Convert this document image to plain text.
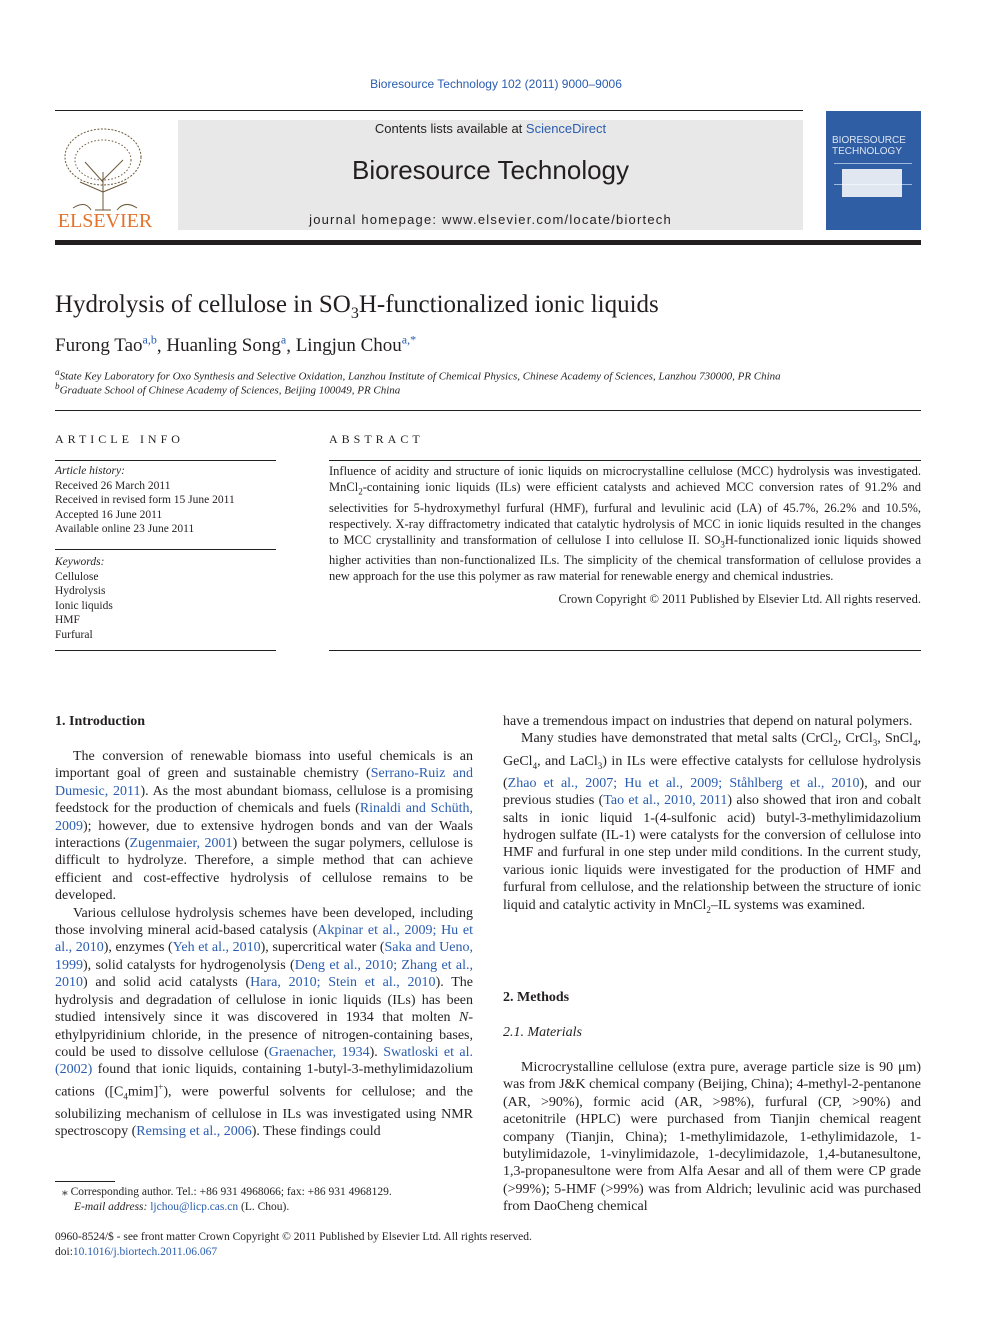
Bioresource Technology 102 (2011) 9000–9006
ELSEVIER
Contents lists available at ScienceDirect
Bioresource Technology
journal homepage: www.elsevier.com/locate/biortech
BIORESOURCE
TECHNOLOGY
Hydrolysis of cellulose in $SO_3H$-functionalized ionic liquids
Furong Tao$^{a,b}$, Huanling Song$^a$, Lingjun Chou$^{a,*}$
$^a$State Key Laboratory for Oxo Synthesis and Selective Oxidation, Lanzhou Institute of Chemical Physics, Chinese Academy of Sciences, Lanzhou 730000, PR China
$^b$Graduate School of Chinese Academy of Sciences, Beijing 100049, PR China
ARTICLE INFO
Article history:
Received 26 March 2011
Received in revised form 15 June 2011
Accepted 16 June 2011
Available online 23 June 2011
Keywords:
Cellulose
Hydrolysis
Ionic liquids
HMF
Furfural
ABSTRACT
Influence of acidity and structure of ionic liquids on microcrystalline cellulose (MCC) hydrolysis was investigated. MnCl$_2$-containing ionic liquids (ILs) were efficient catalysts and achieved MCC conversion rates of 91.2% and selectivities for 5-hydroxymethyl furfural (HMF), furfural and levulinic acid (LA) of 45.7%, 26.2% and 10.5%, respectively. X-ray diffractometry indicated that catalytic hydrolysis of MCC in ionic liquids resulted in the changes to MCC crystallinity and transformation of cellulose I into cellulose II. $SO_3H$-functionalized ionic liquids showed higher activities than non-functionalized ILs. The simplicity of the chemical transformation of cellulose provides a new approach for the use this polymer as raw material for renewable energy and chemical industries.
Crown Copyright © 2011 Published by Elsevier Ltd. All rights reserved.
1. Introduction

The conversion of renewable biomass into useful chemicals is an important goal of green and sustainable chemistry (Serrano-Ruiz and Dumesic, 2011). As the most abundant biomass, cellulose is a promising feedstock for the production of chemicals and fuels (Rinaldi and Schüth, 2009); however, due to extensive hydrogen bonds and van der Waals interactions (Zugenmaier, 2001) between the sugar polymers, cellulose is difficult to hydrolyze. Therefore, a simple method that can achieve efficient and cost-effective hydrolysis of cellulose remains to be developed.

Various cellulose hydrolysis schemes have been developed, including those involving mineral acid-based catalysis (Akpinar et al., 2009; Hu et al., 2010), enzymes (Yeh et al., 2010), supercritical water (Saka and Ueno, 1999), solid catalysts for hydrogenolysis (Deng et al., 2010; Zhang et al., 2010) and solid acid catalysts (Hara, 2010; Stein et al., 2010). The hydrolysis and degradation of cellulose in ionic liquids (ILs) has been studied intensively since it was discovered in 1934 that molten N-ethylpyridinium chloride, in the presence of nitrogen-containing bases, could be used to dissolve cellulose (Graenacher, 1934). Swatloski et al. (2002) found that ionic liquids, containing 1-butyl-3-methylimidazolium cations $([C_4mim]^+)$, were powerful solvents for cellulose; and the solubilizing mechanism of cellulose in ILs was investigated using NMR spectroscopy (Remsing et al., 2006). These findings could

⁎ Corresponding author. Tel.: +86 931 4968066; fax: +86 931 4968129.
E-mail address: ljchou@licp.cas.cn (L. Chou).

have a tremendous impact on industries that depend on natural polymers.

Many studies have demonstrated that metal salts (CrCl$_2$, CrCl$_3$, SnCl$_4$, GeCl$_4$, and LaCl$_3$) in ILs were effective catalysts for cellulose hydrolysis (Zhao et al., 2007; Hu et al., 2009; Ståhlberg et al., 2010), and our previous studies (Tao et al., 2010, 2011) also showed that iron and cobalt salts in ionic liquid 1-(4-sulfonic acid) butyl-3-methylimidazolium hydrogen sulfate (IL-1) were catalysts for the conversion of cellulose into HMF and furfural in one step under mild conditions. In the current study, various ionic liquids were investigated for the production of HMF and furfural from cellulose, and the relationship between the structure of ionic liquid and catalytic activity in MnCl$_2$–IL systems was examined.

2. Methods
2.1. Materials

Microcrystalline cellulose (extra pure, average particle size is 90 μm) was from J&K chemical company (Beijing, China); 4-methyl-2-pentanone (AR, >90%), formic acid (AR, >98%), furfural (CP, >90%) and acetonitrile (HPLC) were purchased from Tianjin chemical reagent company (Tianjin, China); 1-methylimidazole, 1-ethylimidazole, 1-butylimidazole, 1-vinylimidazole, 1-decylimidazole, 1,4-butanesultone, 1,3-propanesultone were from Alfa Aesar and all of them were CP grade (>99%); 5-HMF (>99%) was from Aldrich; levulinic acid was purchased from DaoCheng chemical

0960-8524/$ - see front matter Crown Copyright © 2011 Published by Elsevier Ltd. All rights reserved.
doi:10.1016/j.biortech.2011.06.067
